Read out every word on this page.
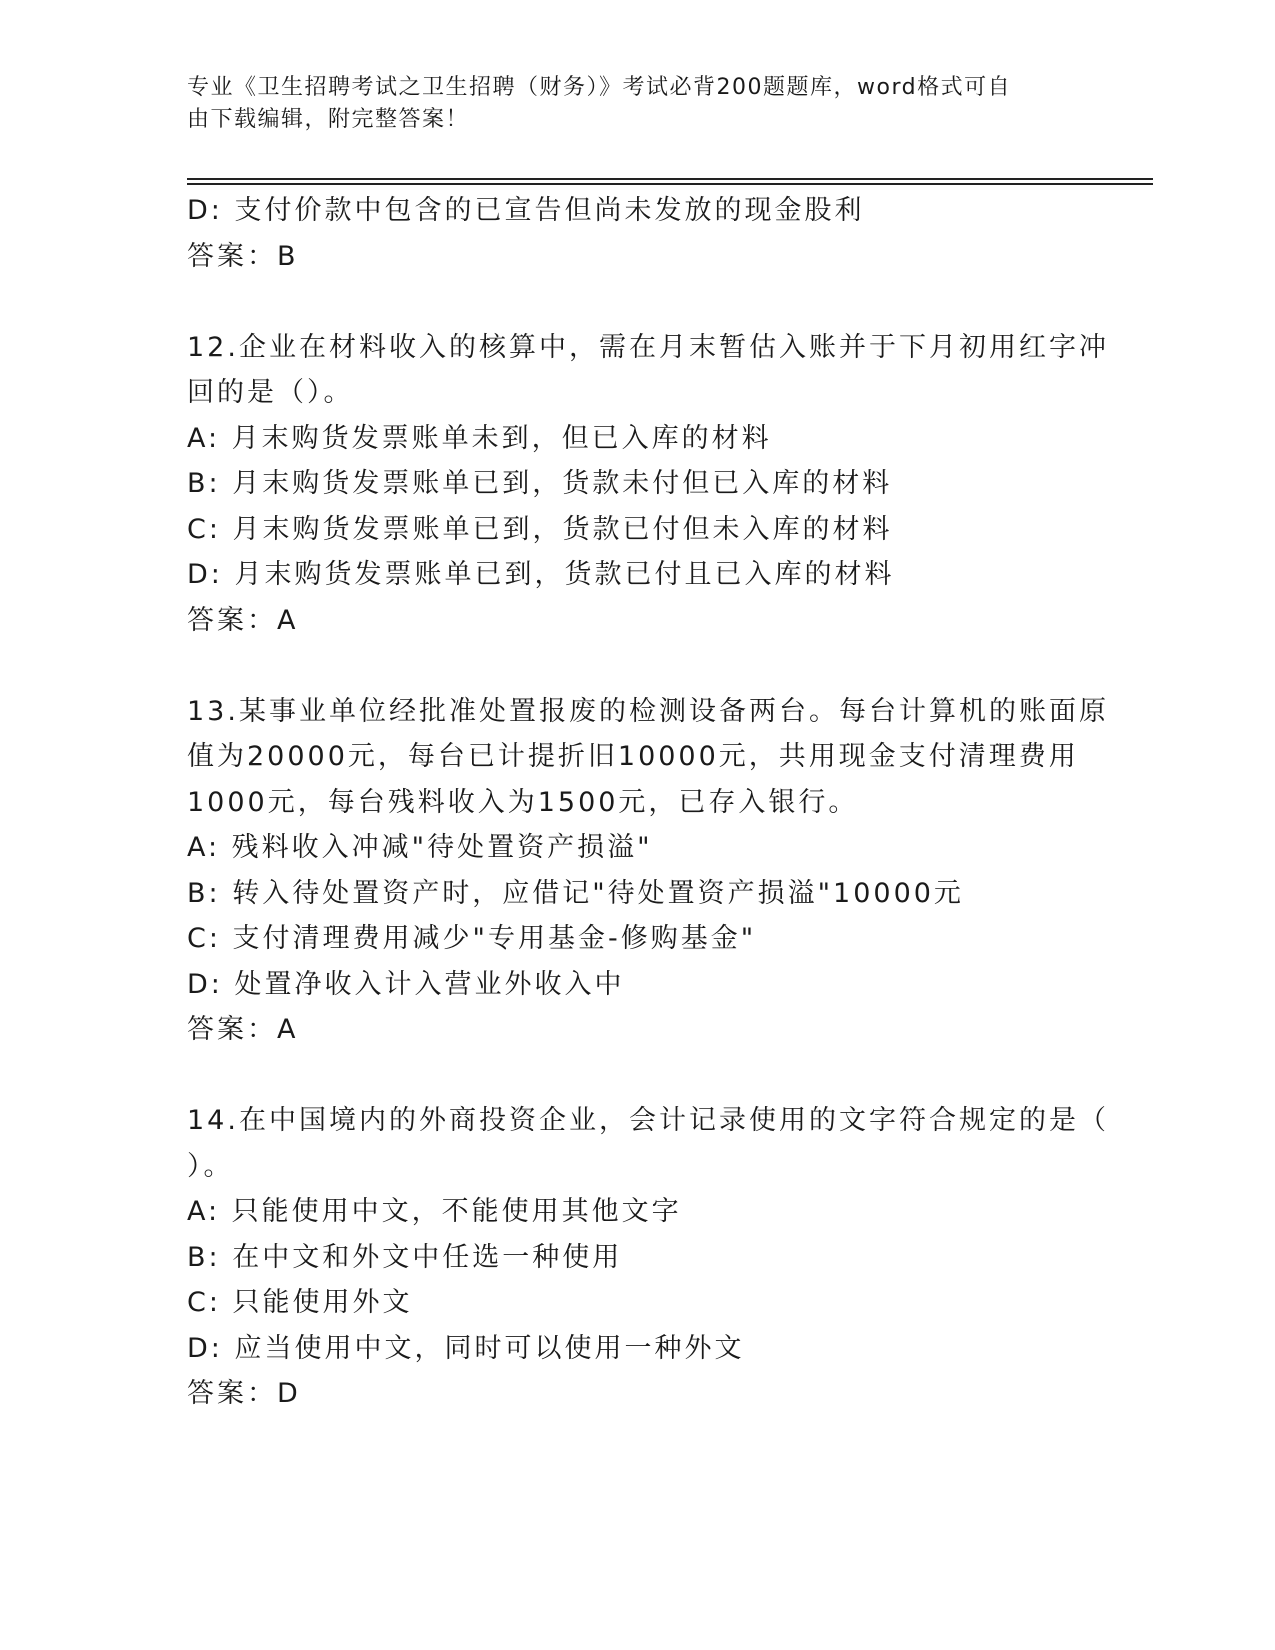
专业《卫生招聘考试之卫生招聘（财务）》考试必背200题题库，word格式可自
由下载编辑，附完整答案！
D: 支付价款中包含的已宣告但尚未发放的现金股利
答案：B
12.企业在材料收入的核算中，需在月末暂估入账并于下月初用红字冲
回的是（）。
A: 月末购货发票账单未到，但已入库的材料
B: 月末购货发票账单已到，货款未付但已入库的材料
C: 月末购货发票账单已到，货款已付但未入库的材料
D: 月末购货发票账单已到，货款已付且已入库的材料
答案：A
13.某事业单位经批准处置报废的检测设备两台。每台计算机的账面原
值为20000元，每台已计提折旧10000元，共用现金支付清理费用
1000元，每台残料收入为1500元，已存入银行。
A: 残料收入冲减"待处置资产损溢"
B: 转入待处置资产时，应借记"待处置资产损溢"10000元
C: 支付清理费用减少"专用基金-修购基金"
D: 处置净收入计入营业外收入中
答案：A
14.在中国境内的外商投资企业，会计记录使用的文字符合规定的是（
）。
A: 只能使用中文，不能使用其他文字
B: 在中文和外文中任选一种使用
C: 只能使用外文
D: 应当使用中文，同时可以使用一种外文
答案：D
